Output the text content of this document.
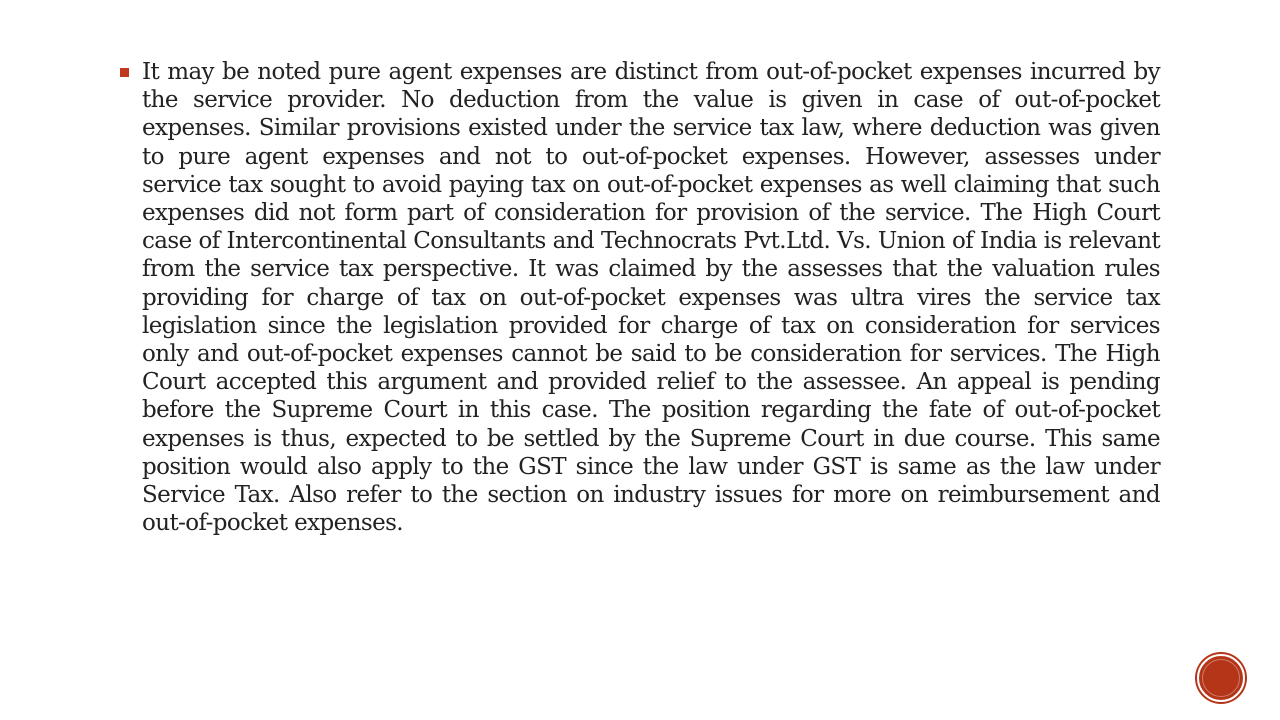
It may be noted pure agent expenses are distinct from out-of-pocket expenses incurred by the service provider. No deduction from the value is given in case of out-of-pocket expenses. Similar provisions existed under the service tax law, where deduction was given to pure agent expenses and not to out-of-pocket expenses. However, assesses under service tax sought to avoid paying tax on out-of-pocket expenses as well claiming that such expenses did not form part of consideration for provision of the service. The High Court case of Intercontinental Consultants and Technocrats Pvt.Ltd. Vs. Union of India is relevant from the service tax perspective. It was claimed by the assesses that the valuation rules providing for charge of tax on out-of-pocket expenses was ultra vires the service tax legislation since the legislation provided for charge of tax on consideration for services only and out-of-pocket expenses cannot be said to be consideration for services. The High Court accepted this argument and provided relief to the assessee. An appeal is pending before the Supreme Court in this case. The position regarding the fate of out-of-pocket expenses is thus, expected to be settled by the Supreme Court in due course. This same position would also apply to the GST since the law under GST is same as the law under Service Tax. Also refer to the section on industry issues for more on reimbursement and out-of-pocket expenses.
